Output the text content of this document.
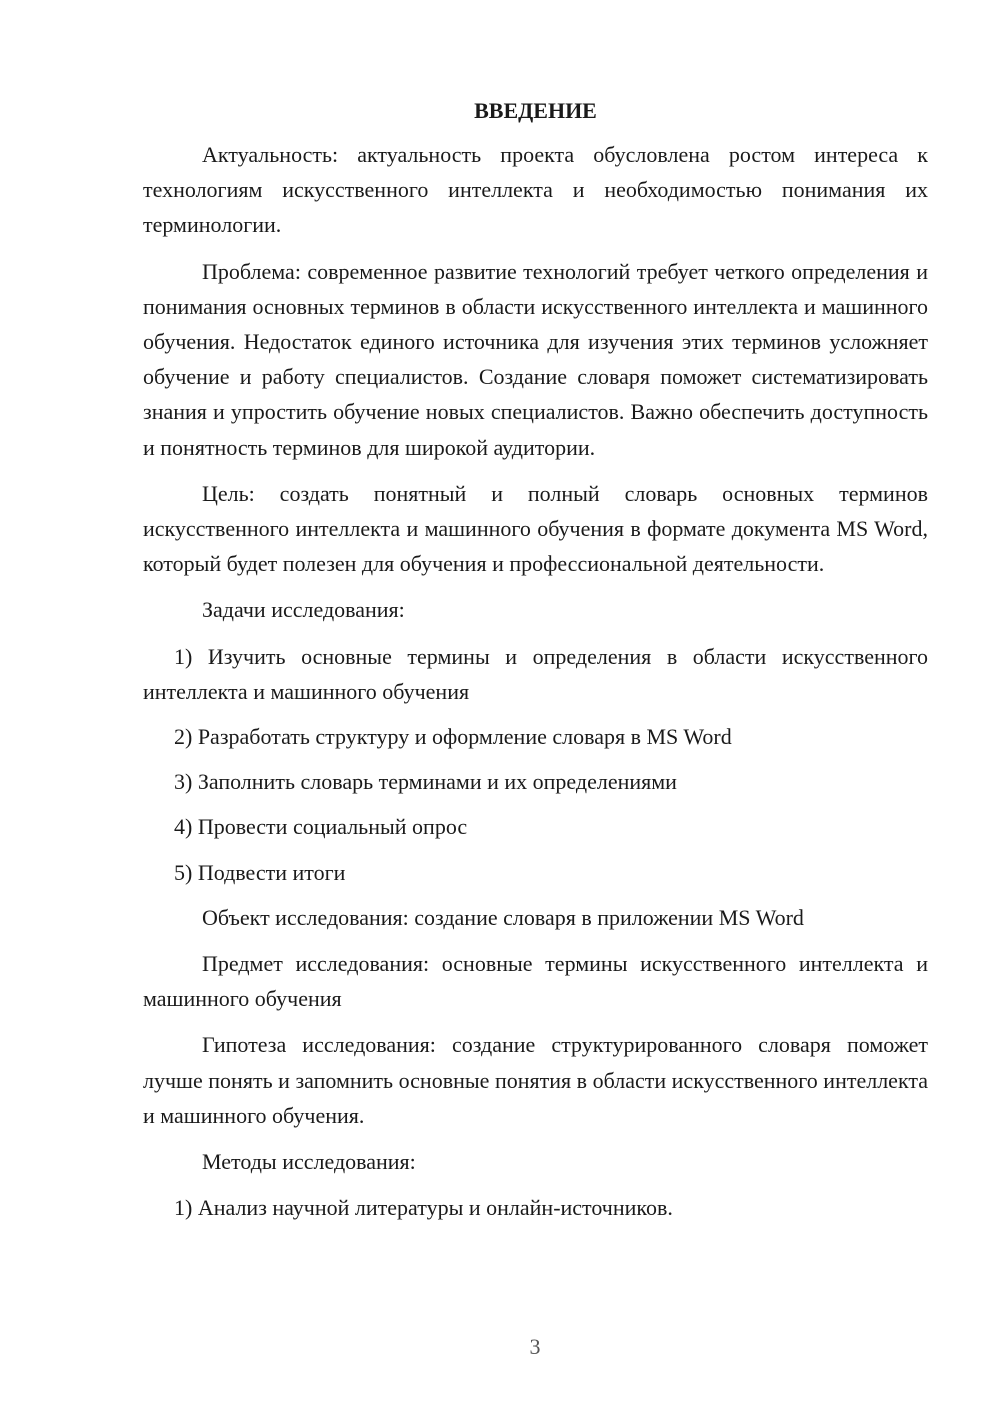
ВВЕДЕНИЕ

Актуальность: актуальность проекта обусловлена ростом интереса к технологиям искусственного интеллекта и необходимостью понимания их терминологии.

Проблема: современное развитие технологий требует четкого определения и понимания основных терминов в области искусственного интеллекта и машинного обучения. Недостаток единого источника для изучения этих терминов усложняет обучение и работу специалистов. Создание словаря поможет систематизировать знания и упростить обучение новых специалистов. Важно обеспечить доступность и понятность терминов для широкой аудитории.

Цель: создать понятный и полный словарь основных терминов искусственного интеллекта и машинного обучения в формате документа MS Word, который будет полезен для обучения и профессиональной деятельности.

Задачи исследования:

1) Изучить основные термины и определения в области искусственного интеллекта и машинного обучения

2) Разработать структуру и оформление словаря в MS Word

3) Заполнить словарь терминами и их определениями

4) Провести социальный опрос

5) Подвести итоги

Объект исследования: создание словаря в приложении MS Word

Предмет исследования: основные термины искусственного интеллекта и машинного обучения

Гипотеза исследования: создание структурированного словаря поможет лучше понять и запомнить основные понятия в области искусственного интеллекта и машинного обучения.

Методы исследования:

1) Анализ научной литературы и онлайн-источников.

3
